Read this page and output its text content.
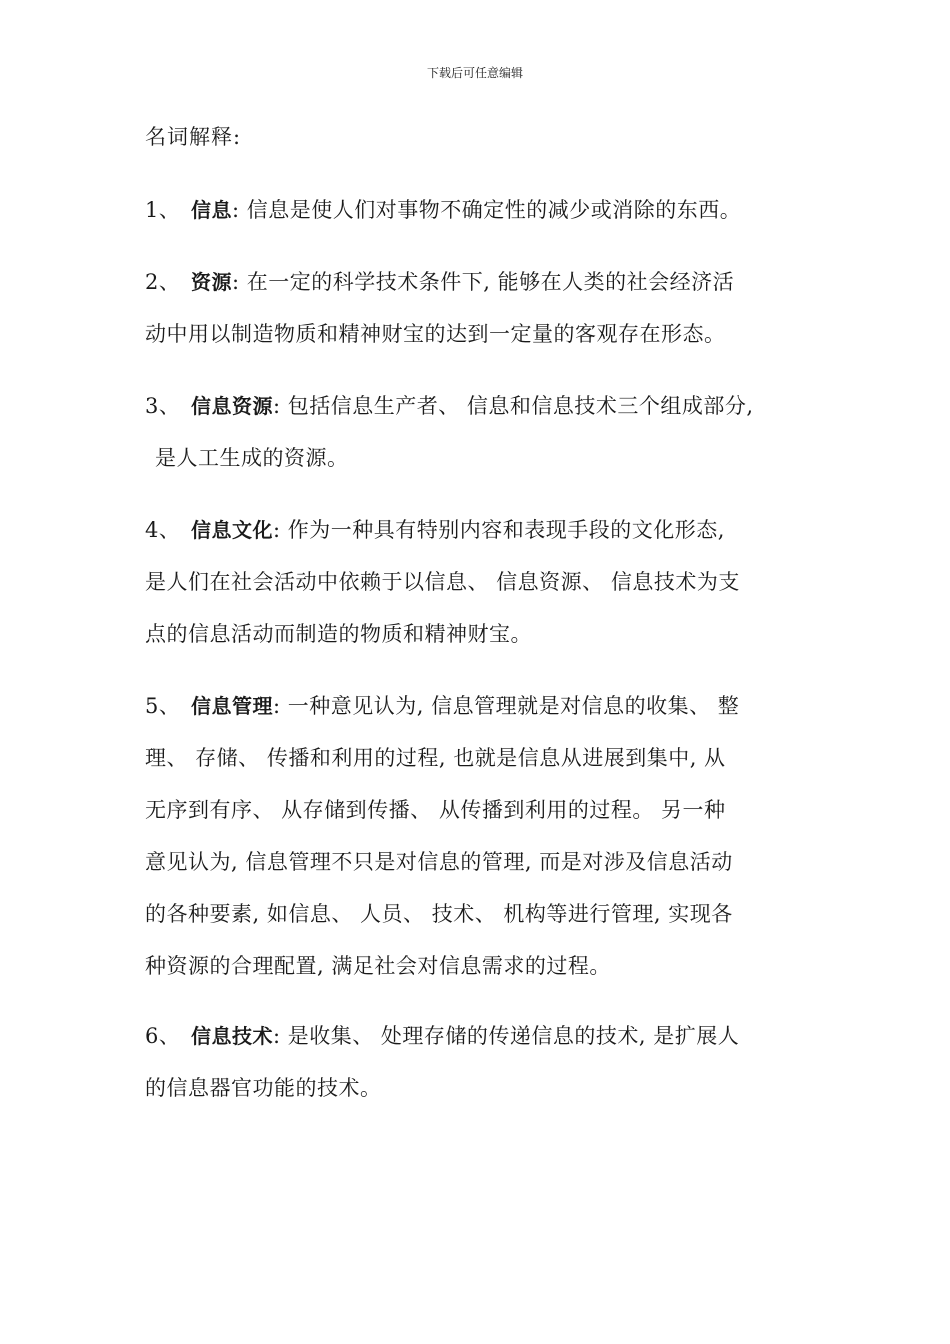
下载后可任意编辑
名词解释:
1、 信息: 信息是使人们对事物不确定性的减少或消除的东西。
2、 资源: 在一定的科学技术条件下, 能够在人类的社会经济活
动中用以制造物质和精神财宝的达到一定量的客观存在形态。
3、 信息资源: 包括信息生产者、 信息和信息技术三个组成部分,
是人工生成的资源。
4、 信息文化: 作为一种具有特别内容和表现手段的文化形态,
是人们在社会活动中依赖于以信息、 信息资源、 信息技术为支
点的信息活动而制造的物质和精神财宝。
5、 信息管理: 一种意见认为, 信息管理就是对信息的收集、 整
理、 存储、 传播和利用的过程, 也就是信息从进展到集中, 从
无序到有序、 从存储到传播、 从传播到利用的过程。 另一种
意见认为, 信息管理不只是对信息的管理, 而是对涉及信息活动
的各种要素, 如信息、 人员、 技术、 机构等进行管理, 实现各
种资源的合理配置, 满足社会对信息需求的过程。
6、 信息技术: 是收集、 处理存储的传递信息的技术, 是扩展人
的信息器官功能的技术。
